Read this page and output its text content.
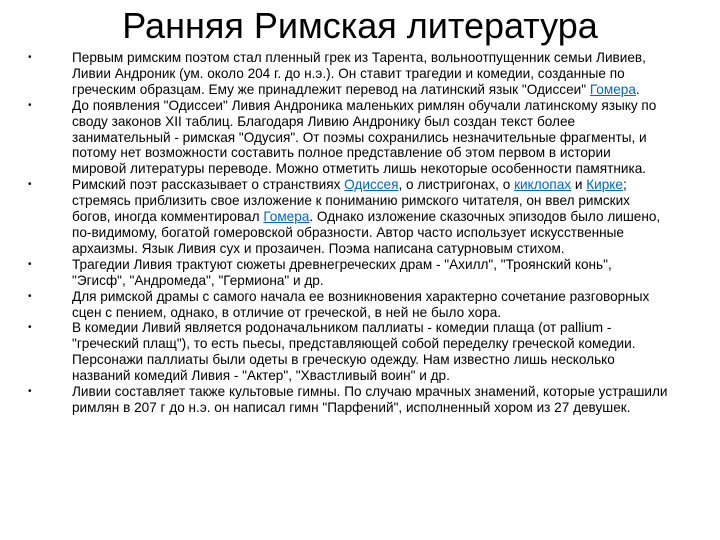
Ранняя Римская литература
•	Первым римским поэтом стал пленный грек из Тарента, вольноотпущенник семьи Ливиев, Ливии Андроник (ум. около 204 г. до н.э.). Он ставит трагедии и комедии, созданные по греческим образцам. Ему же принадлежит перевод на латинский язык "Одиссеи" Гомера.
•	До появления "Одиссеи" Ливия Андроника маленьких римлян обучали латинскому языку по своду законов XII таблиц. Благодаря Ливию Андронику был создан текст более занимательный - римская "Одусия". От поэмы сохранились незначительные фрагменты, и потому нет возможности составить полное представление об этом первом в истории мировой литературы переводе. Можно отметить лишь некоторые особенности памятника.
•	Римский поэт рассказывает о странствиях Одиссея, о листригонах, о киклопах и Кирке; стремясь приблизить свое изложение к пониманию римского читателя, он ввел римских богов, иногда комментировал Гомера. Однако изложение сказочных эпизодов было лишено, по-видимому, богатой гомеровской образности. Автор часто использует искусственные архаизмы. Язык Ливия сух и прозаичен. Поэма написана сатурновым стихом.
•	Трагедии Ливия трактуют сюжеты древнегреческих драм - "Ахилл", "Троянский конь", "Эгисф", "Андромеда", "Гермиона" и др.
•	Для римской драмы с самого начала ее возникновения характерно сочетание разговорных сцен с пением, однако, в отличие от греческой, в ней не было хора.
•	В комедии Ливий является родоначальником паллиаты - комедии плаща (от pallium - "греческий плащ"), то есть пьесы, представляющей собой переделку греческой комедии. Персонажи паллиаты были одеты в греческую одежду. Нам известно лишь несколько названий комедий Ливия - "Актер", "Хвастливый воин" и др.
•	Ливии составляет также культовые гимны. По случаю мрачных знамений, которые устрашили римлян в 207 г до н.э. он написал гимн "Парфений", исполненный хором из 27 девушек.
